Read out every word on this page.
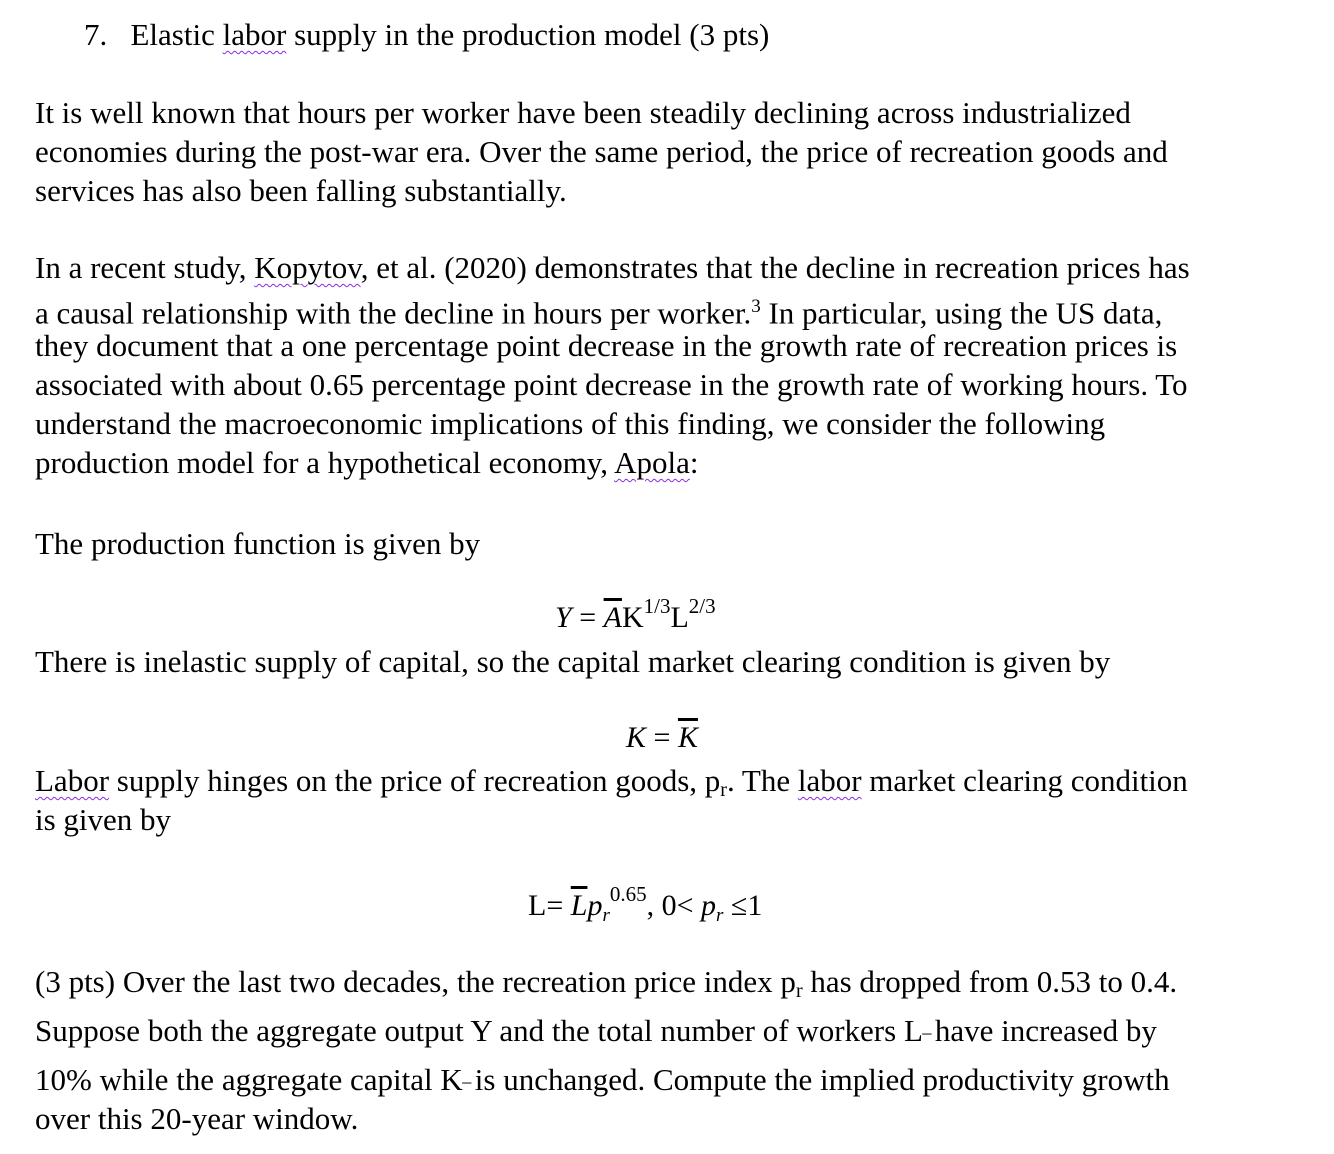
7. Elastic labor supply in the production model (3 pts)
It is well known that hours per worker have been steadily declining across industrialized
economies during the post-war era. Over the same period, the price of recreation goods and
services has also been falling substantially.
In a recent study, Kopytov, et al. (2020) demonstrates that the decline in recreation prices has
a causal relationship with the decline in hours per worker.$^3$ In particular, using the US data,
they document that a one percentage point decrease in the growth rate of recreation prices is
associated with about 0.65 percentage point decrease in the growth rate of working hours. To
understand the macroeconomic implications of this finding, we consider the following
production model for a hypothetical economy, Apola:
The production function is given by
$Y = \overline{A}K^{1/3}L^{2/3}$
There is inelastic supply of capital, so the capital market clearing condition is given by
$K = \overline{K}$
Labor supply hinges on the price of recreation goods, pr. The labor market clearing condition
is given by
$L= \overline{L}p_r^{0.65}$, $0< p_r \le 1$
(3 pts) Over the last two decades, the recreation price index pr has dropped from 0.53 to 0.4.
Suppose both the aggregate output Y and the total number of workers L have increased by
10% while the aggregate capital K is unchanged. Compute the implied productivity growth
over this 20-year window.
